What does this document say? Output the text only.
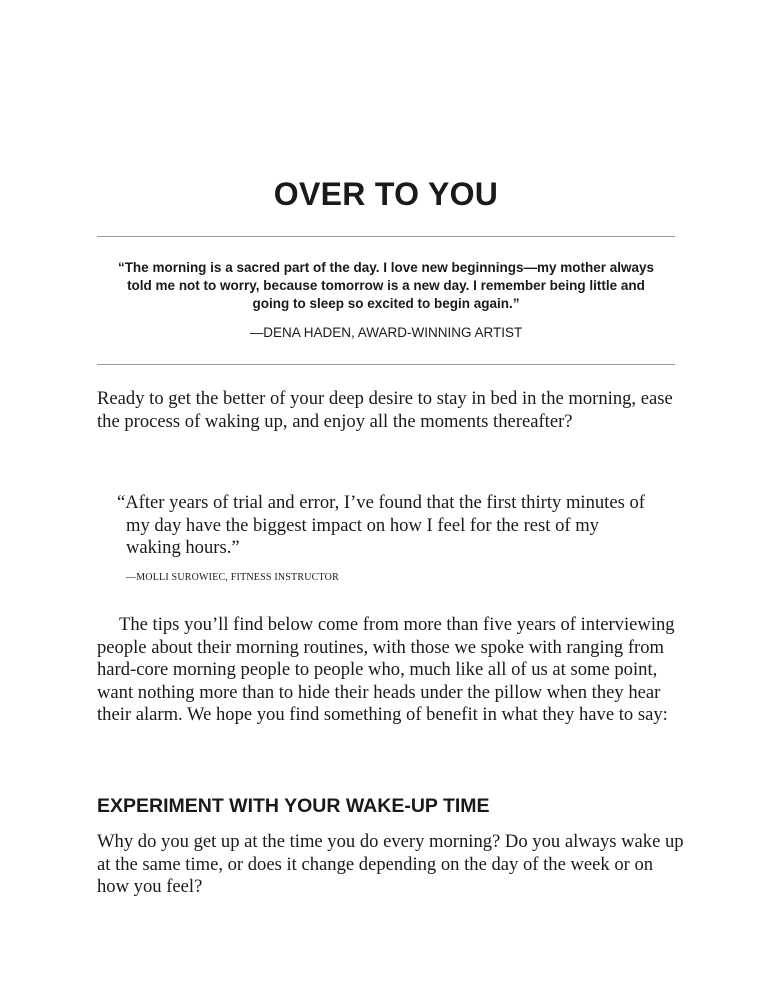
OVER TO YOU

“The morning is a sacred part of the day. I love new beginnings—my mother always told me not to worry, because tomorrow is a new day. I remember being little and going to sleep so excited to begin again.”

—DENA HADEN, AWARD-WINNING ARTIST

Ready to get the better of your deep desire to stay in bed in the morning, ease the process of waking up, and enjoy all the moments thereafter?

“After years of trial and error, I’ve found that the first thirty minutes of my day have the biggest impact on how I feel for the rest of my waking hours.”

—MOLLI SUROWIEC, FITNESS INSTRUCTOR

The tips you’ll find below come from more than five years of interviewing people about their morning routines, with those we spoke with ranging from hard-core morning people to people who, much like all of us at some point, want nothing more than to hide their heads under the pillow when they hear their alarm. We hope you find something of benefit in what they have to say:

EXPERIMENT WITH YOUR WAKE-UP TIME

Why do you get up at the time you do every morning? Do you always wake up at the same time, or does it change depending on the day of the week or on how you feel?
